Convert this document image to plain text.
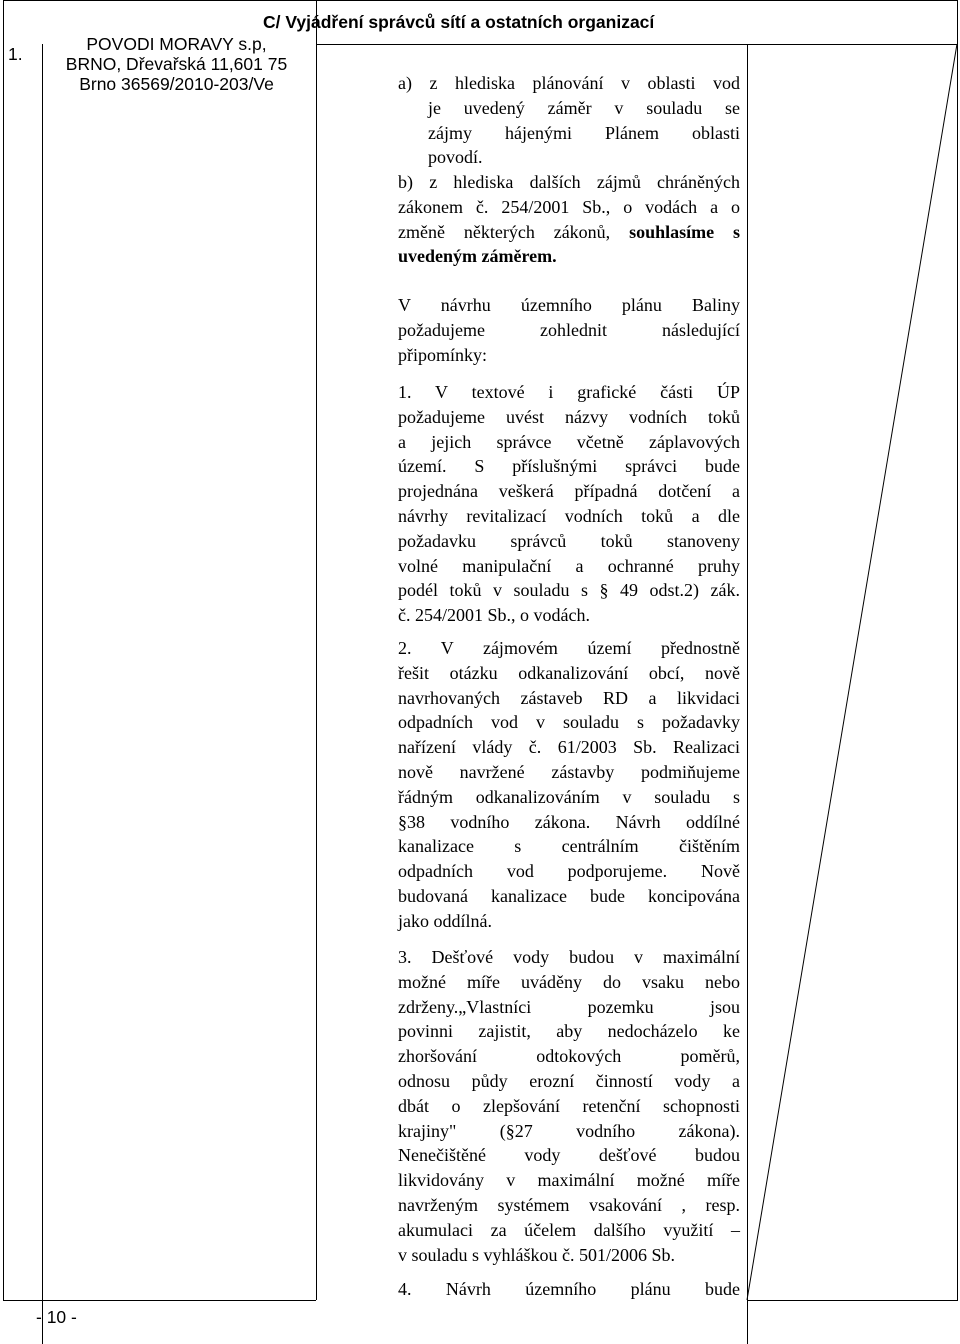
C/ Vyjádření správců sítí a ostatních organizací
1.	POVODI MORAVY s.p,
BRNO, Dřevařská 11,601 75
Brno 36569/2010-203/Ve	a) z hlediska plánování v oblasti vod
je uvedený záměr v souladu se
zájmy hájenými Plánem oblasti
povodí.
b) z hlediska dalších zájmů chráněných
zákonem č. 254/2001 Sb., o vodách a o
změně některých zákonů, souhlasíme s
uvedeným záměrem.
V návrhu územního plánu Baliny
požadujeme zohlednit následující
připomínky:
1. V textové i grafické části ÚP
požadujeme uvést názvy vodních toků
a jejich správce včetně záplavových
území. S příslušnými správci bude
projednána veškerá případná dotčení a
návrhy revitalizací vodních toků a dle
požadavku správců toků stanoveny
volné manipulační a ochranné pruhy
podél toků v souladu s § 49 odst.2) zák.
č. 254/2001 Sb., o vodách.
2. V zájmovém území přednostně
řešit otázku odkanalizování obcí, nově
navrhovaných zástaveb RD a likvidaci
odpadních vod v souladu s požadavky
nařízení vlády č. 61/2003 Sb. Realizaci
nově navržené zástavby podmiňujeme
řádným odkanalizováním v souladu s
§38 vodního zákona. Návrh oddílné
kanalizace s centrálním čištěním
odpadních vod podporujeme. Nově
budovaná kanalizace bude koncipována
jako oddílná.
3. Dešťové vody budou v maximální
možné míře uváděny do vsaku nebo
zdrženy.„Vlastníci pozemku jsou
povinni zajistit, aby nedocházelo ke
zhoršování odtokových poměrů,
odnosu půdy erozní činností vody a
dbát o zlepšování retenční schopnosti
krajiny" (§27 vodního zákona).
Nenečištěné vody dešťové budou
likvidovány v maximální možné míře
navrženým systémem vsakování , resp.
akumulaci za účelem dalšího využití –
v souladu s vyhláškou č. 501/2006 Sb.
4. Návrh územního plánu bude
- 10 -
